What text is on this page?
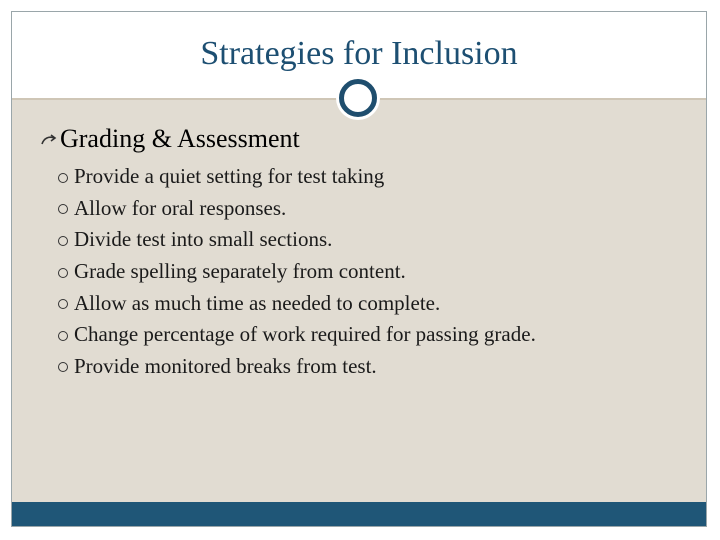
Strategies for Inclusion
Grading & Assessment
Provide a quiet setting for test taking
Allow for oral responses.
Divide test into small sections.
Grade spelling separately from content.
Allow as much time as needed to complete.
Change percentage of work required for passing grade.
Provide monitored breaks from test.
